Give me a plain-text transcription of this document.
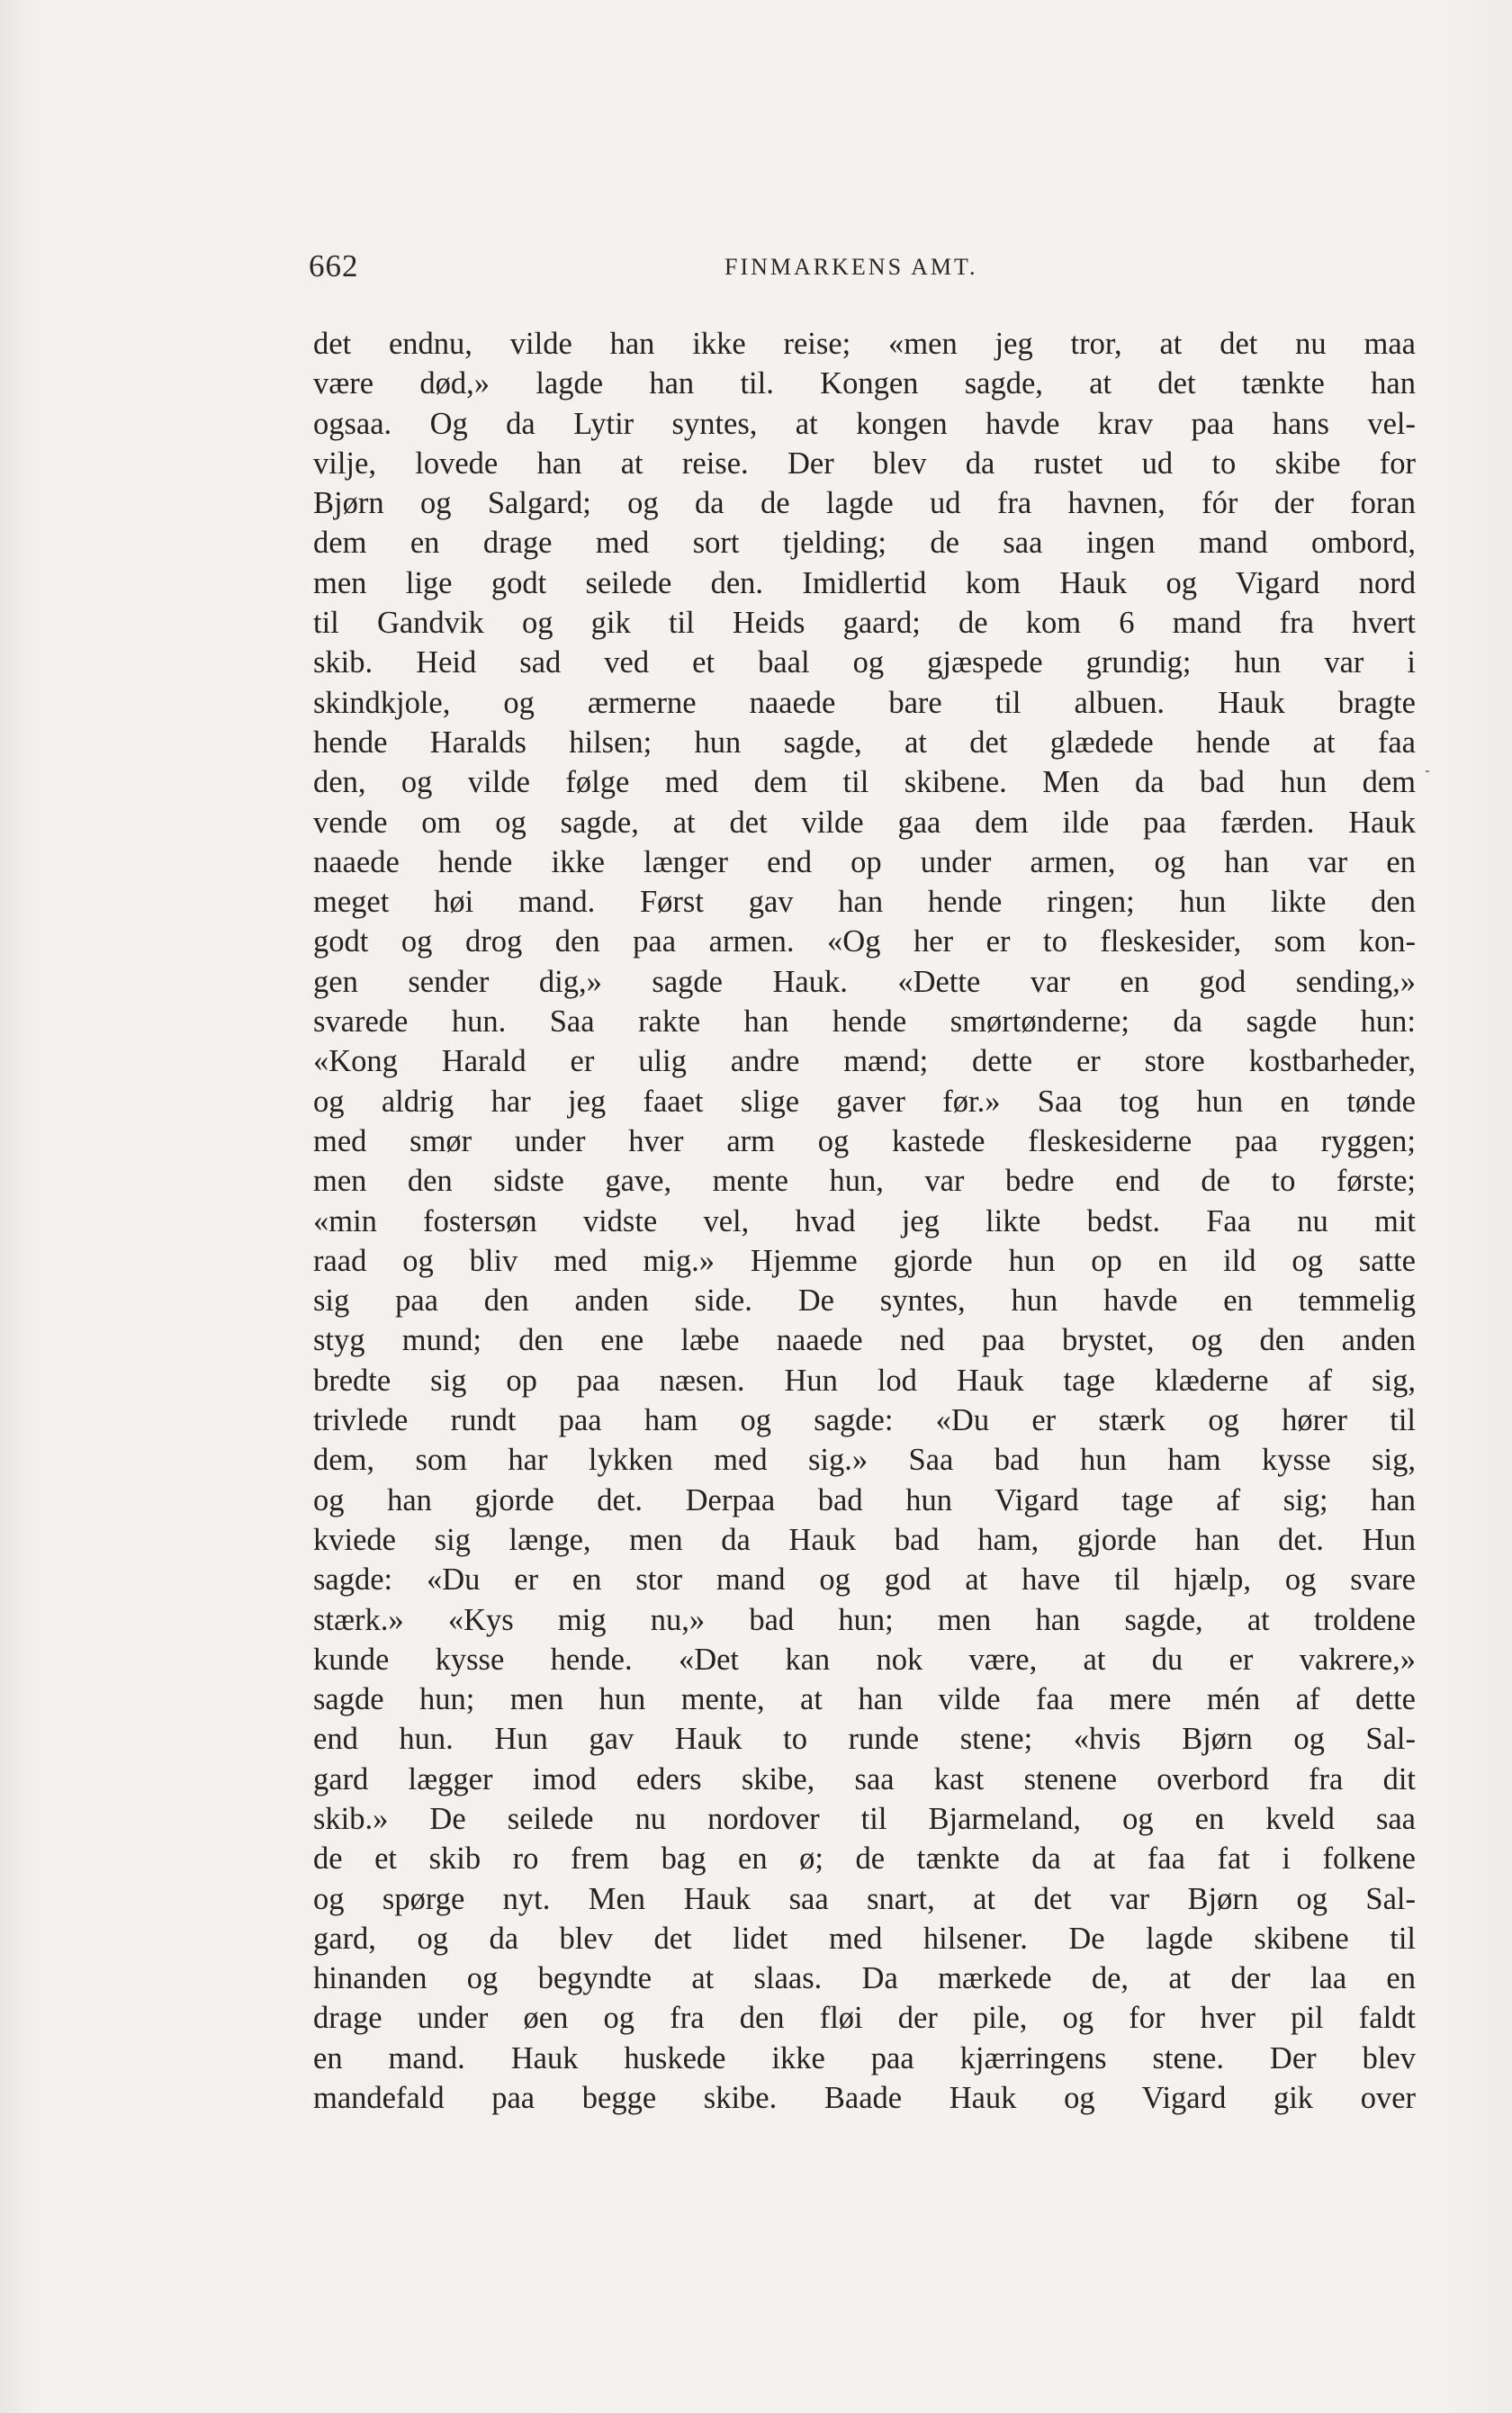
662	FINMARKENS AMT.
det endnu, vilde han ikke reise; «men jeg tror, at det nu maa
være død,» lagde han til. Kongen sagde, at det tænkte han
ogsaa. Og da Lytir syntes, at kongen havde krav paa hans vel-
vilje, lovede han at reise. Der blev da rustet ud to skibe for
Bjørn og Salgard; og da de lagde ud fra havnen, fór der foran
dem en drage med sort tjelding; de saa ingen mand ombord,
men lige godt seilede den. Imidlertid kom Hauk og Vigard nord
til Gandvik og gik til Heids gaard; de kom 6 mand fra hvert
skib. Heid sad ved et baal og gjæspede grundig; hun var i
skindkjole, og ærmerne naaede bare til albuen. Hauk bragte
hende Haralds hilsen; hun sagde, at det glædede hende at faa
den, og vilde følge med dem til skibene. Men da bad hun dem
vende om og sagde, at det vilde gaa dem ilde paa færden. Hauk
naaede hende ikke længer end op under armen, og han var en
meget høi mand. Først gav han hende ringen; hun likte den
godt og drog den paa armen. «Og her er to fleskesider, som kon-
gen sender dig,» sagde Hauk. «Dette var en god sending,»
svarede hun. Saa rakte han hende smørtønderne; da sagde hun:
«Kong Harald er ulig andre mænd; dette er store kostbarheder,
og aldrig har jeg faaet slige gaver før.» Saa tog hun en tønde
med smør under hver arm og kastede fleskesiderne paa ryggen;
men den sidste gave, mente hun, var bedre end de to første;
«min fostersøn vidste vel, hvad jeg likte bedst. Faa nu mit
raad og bliv med mig.» Hjemme gjorde hun op en ild og satte
sig paa den anden side. De syntes, hun havde en temmelig
styg mund; den ene læbe naaede ned paa brystet, og den anden
bredte sig op paa næsen. Hun lod Hauk tage klæderne af sig,
trivlede rundt paa ham og sagde: «Du er stærk og hører til
dem, som har lykken med sig.» Saa bad hun ham kysse sig,
og han gjorde det. Derpaa bad hun Vigard tage af sig; han
kviede sig længe, men da Hauk bad ham, gjorde han det. Hun
sagde: «Du er en stor mand og god at have til hjælp, og svare
stærk.» «Kys mig nu,» bad hun; men han sagde, at troldene
kunde kysse hende. «Det kan nok være, at du er vakrere,»
sagde hun; men hun mente, at han vilde faa mere mén af dette
end hun. Hun gav Hauk to runde stene; «hvis Bjørn og Sal-
gard lægger imod eders skibe, saa kast stenene overbord fra dit
skib.» De seilede nu nordover til Bjarmeland, og en kveld saa
de et skib ro frem bag en ø; de tænkte da at faa fat i folkene
og spørge nyt. Men Hauk saa snart, at det var Bjørn og Sal-
gard, og da blev det lidet med hilsener. De lagde skibene til
hinanden og begyndte at slaas. Da mærkede de, at der laa en
drage under øen og fra den fløi der pile, og for hver pil faldt
en mand. Hauk huskede ikke paa kjærringens stene. Der blev
mandefald paa begge skibe. Baade Hauk og Vigard gik over
